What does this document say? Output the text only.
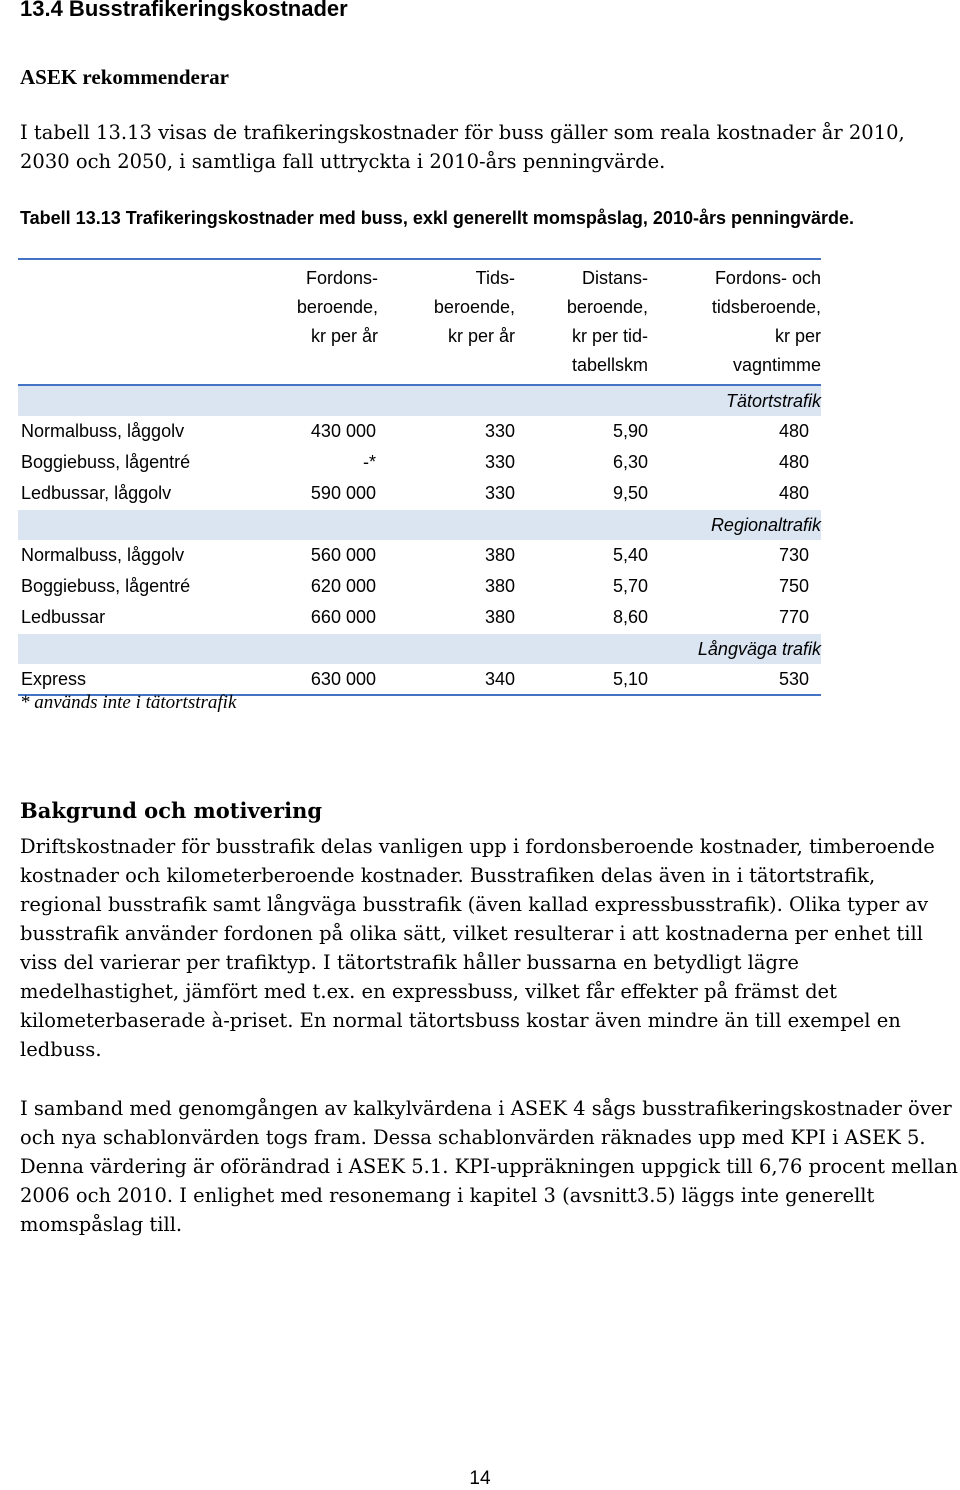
13.4 Busstrafikeringskostnader
ASEK rekommenderar

I tabell 13.13 visas de trafikeringskostnader för buss gäller som reala kostnader år 2010, 2030 och 2050, i samtliga fall uttryckta i 2010-års penningvärde.

Tabell 13.13 Trafikeringskostnader med buss, exkl generellt momspåslag, 2010-års penningvärde.

	Fordons-
beroende,
kr per år	Tids-
beroende,
kr per år	Distans-
beroende,
kr per tid-
tabellskm	Fordons- och
tidsberoende,
kr per
vagntimme

Tätortstrafik				
Normalbuss, låggolv	430 000	330	5,90	480
Boggiebuss, lågentré	-*	330	6,30	480
Ledbussar, låggolv	590 000	330	9,50	480
Regionaltrafik				
Normalbuss, låggolv	560 000	380	5,40	730
Boggiebuss, lågentré	620 000	380	5,70	750
Ledbussar	660 000	380	8,60	770
Långväga trafik				
Express	630 000	340	5,10	530

* används inte i tätortstrafik

Bakgrund och motivering

Driftskostnader för busstrafik delas vanligen upp i fordonsberoende kostnader, timberoende kostnader och kilometerberoende kostnader. Busstrafiken delas även in i tätortstrafik, regional busstrafik samt långväga busstrafik (även kallad expressbusstrafik). Olika typer av busstrafik använder fordonen på olika sätt, vilket resulterar i att kostnaderna per enhet till viss del varierar per trafiktyp. I tätortstrafik håller bussarna en betydligt lägre medelhastighet, jämfört med t.ex. en expressbuss, vilket får effekter på främst det kilometerbaserade à-priset. En normal tätortsbuss kostar även mindre än till exempel en ledbuss.

I samband med genomgången av kalkylvärdena i ASEK 4 sågs busstrafikeringskostnader över och nya schablonvärden togs fram. Dessa schablonvärden räknades upp med KPI i ASEK 5. Denna värdering är oförändrad i ASEK 5.1. KPI-uppräkningen uppgick till 6,76 procent mellan 2006 och 2010. I enlighet med resonemang i kapitel 3 (avsnitt3.5) läggs inte generellt momspåslag till.

14
